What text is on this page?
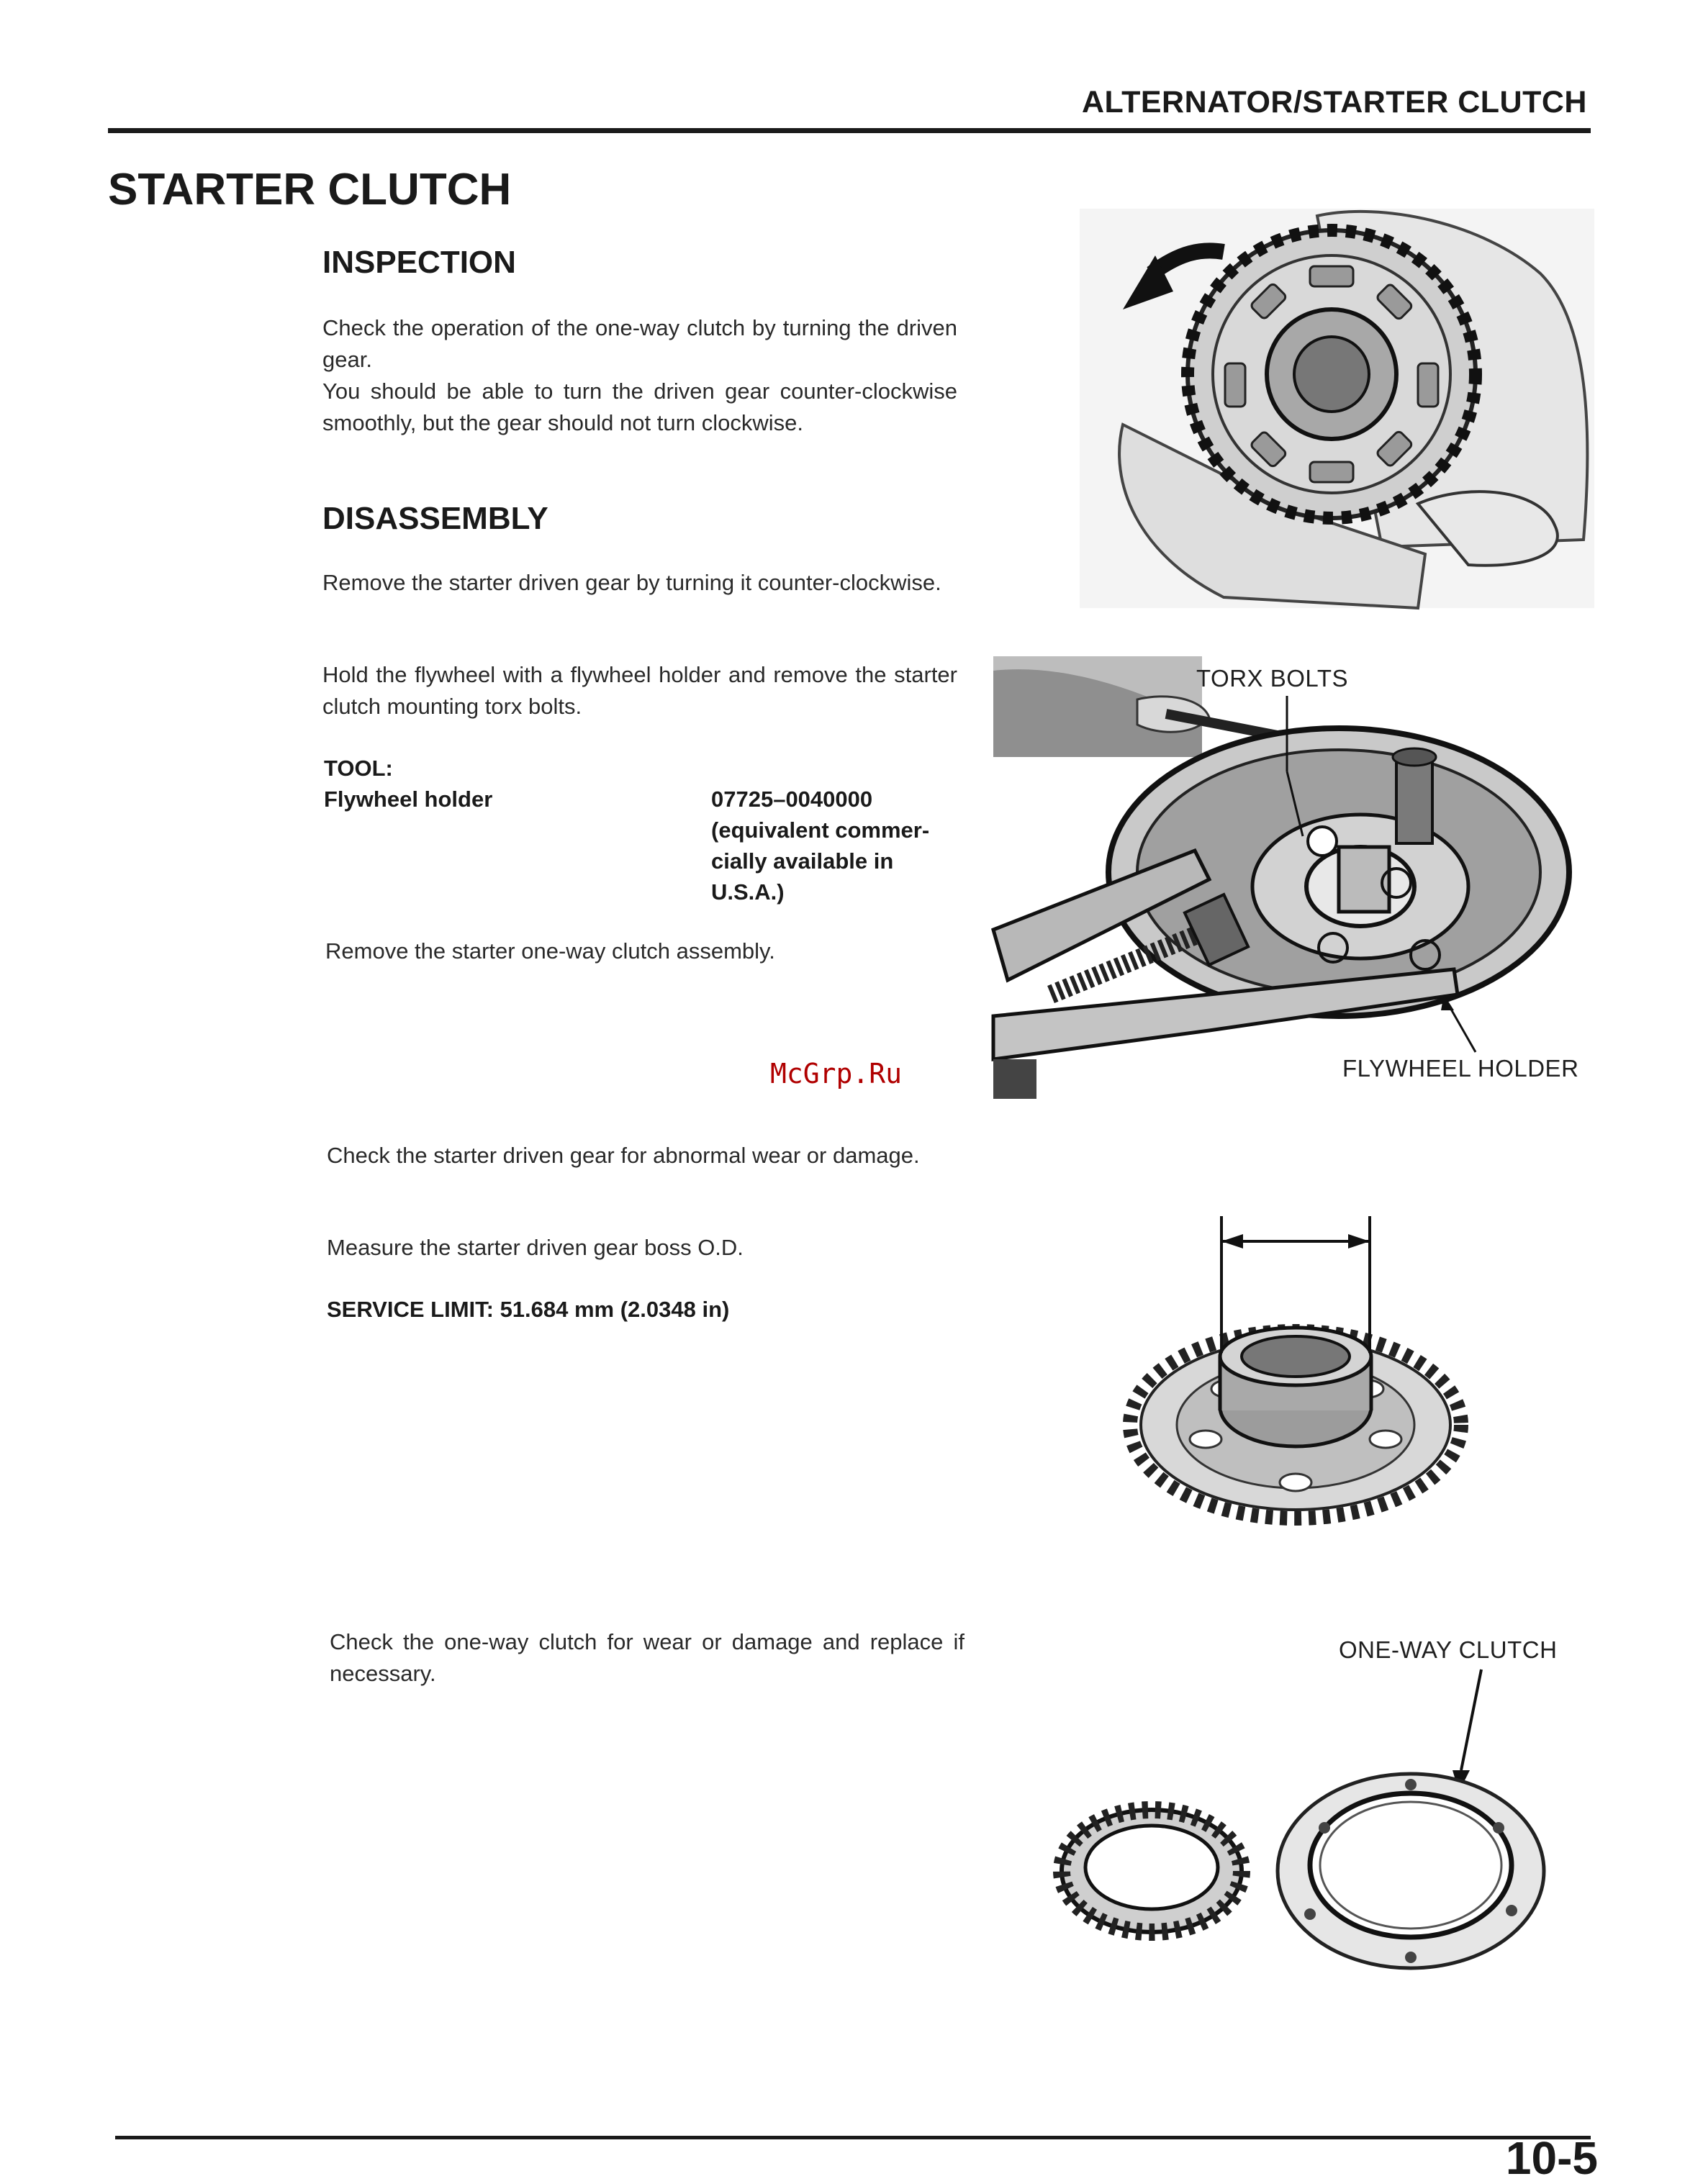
ALTERNATOR/STARTER CLUTCH
STARTER CLUTCH
INSPECTION
Check the operation of the one-way clutch by turning the driven gear.
You should be able to turn the driven gear counter-clockwise smoothly, but the gear should not turn clockwise.
DISASSEMBLY
Remove the starter driven gear by turning it counter-clockwise.
Hold the flywheel with a flywheel holder and remove the starter clutch mounting torx bolts.
TOOL:
Flywheel holder	07725–0040000
(equivalent commer-
cially available in
U.S.A.)
Remove the starter one-way clutch assembly.
McGrp.Ru
Check the starter driven gear for abnormal wear or damage.
Measure the starter driven gear boss O.D.
SERVICE LIMIT: 51.684 mm (2.0348 in)
Check the one-way clutch for wear or damage and replace if necessary.
TORX BOLTS
FLYWHEEL HOLDER
ONE-WAY CLUTCH
10-5
